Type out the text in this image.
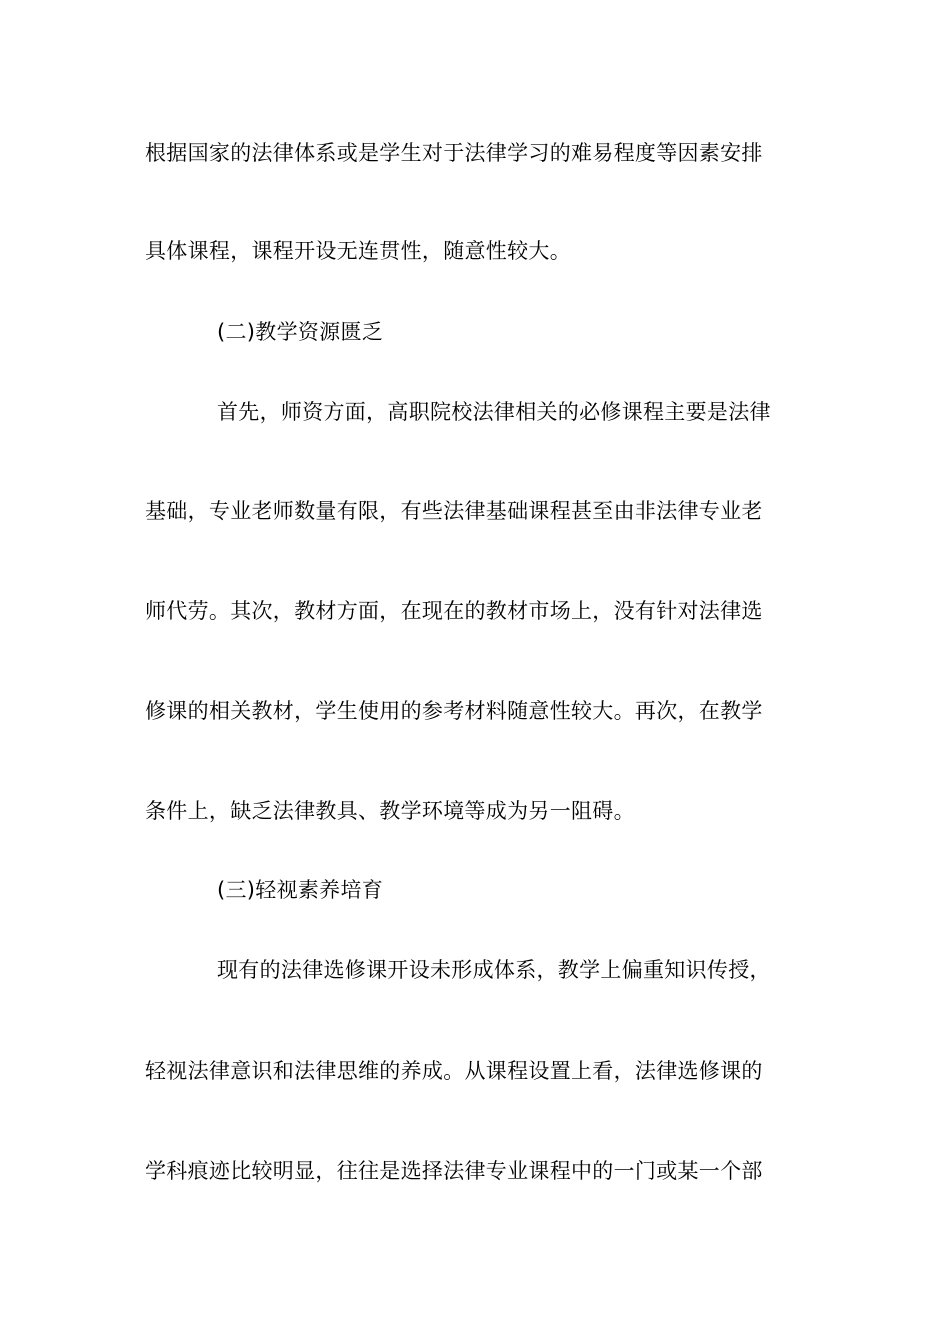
根据国家的法律体系或是学生对于法律学习的难易程度等因素安排
具体课程，课程开设无连贯性，随意性较大。
(二)教学资源匮乏
首先，师资方面，高职院校法律相关的必修课程主要是法律
基础，专业老师数量有限，有些法律基础课程甚至由非法律专业老
师代劳。其次，教材方面，在现在的教材市场上，没有针对法律选
修课的相关教材，学生使用的参考材料随意性较大。再次，在教学
条件上，缺乏法律教具、教学环境等成为另一阻碍。
(三)轻视素养培育
现有的法律选修课开设未形成体系，教学上偏重知识传授，
轻视法律意识和法律思维的养成。从课程设置上看，法律选修课的
学科痕迹比较明显，往往是选择法律专业课程中的一门或某一个部
